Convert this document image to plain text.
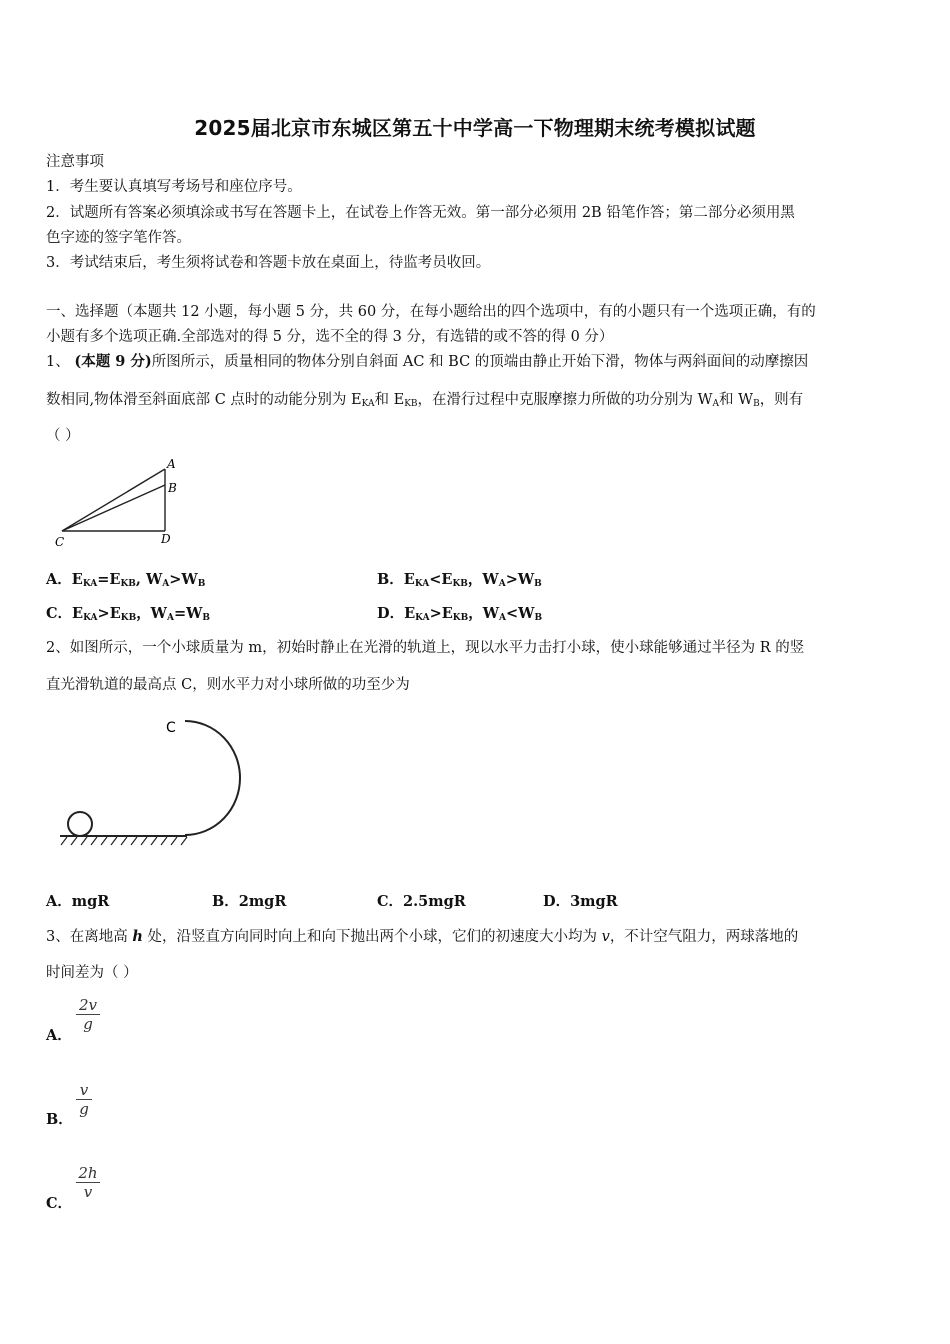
2025届北京市东城区第五十中学高一下物理期末统考模拟试题
注意事项
1．考生要认真填写考场号和座位序号。
2．试题所有答案必须填涂或书写在答题卡上，在试卷上作答无效。第一部分必须用 2B 铅笔作答；第二部分必须用黑
色字迹的签字笔作答。
3．考试结束后，考生须将试卷和答题卡放在桌面上，待监考员收回。
一、选择题（本题共 12 小题，每小题 5 分，共 60 分，在每小题给出的四个选项中，有的小题只有一个选项正确，有的
小题有多个选项正确.全部选对的得 5 分，选不全的得 3 分，有选错的或不答的得 0 分）
1、 (本题 9 分)所图所示，质量相同的物体分别自斜面 AC 和 BC 的顶端由静止开始下滑，物体与两斜面间的动摩擦因
数相同,物体滑至斜面底部 C 点时的动能分别为 $E_{KA}$和 $E_{KB}$，在滑行过程中克服摩擦力所做的功分别为 $W_A$和 $W_B$，则有
（ ）
A
B
C	D
A．$E_{KA}=E_{KB}$, $W_A>W_B$	B．$E_{KA}<E_{KB}$，$W_A>W_B$
C．$E_{KA}>E_{KB}$，$W_A=W_B$	D．$E_{KA}>E_{KB}$，$W_A<W_B$
2、如图所示，一个小球质量为 m，初始时静止在光滑的轨道上，现以水平力击打小球，使小球能够通过半径为 R 的竖
直光滑轨道的最高点 C，则水平力对小球所做的功至少为
C
A．mgR	B．2mgR	C．2.5mgR	D．3mgR
3、在离地高 h 处，沿竖直方向同时向上和向下抛出两个小球，它们的初速度大小均为 v，不计空气阻力，两球落地的
时间差为（ ）
A．
$\frac{2v}{g}$
B．
$\frac{v}{g}$
C．
$\frac{2h}{v}$
